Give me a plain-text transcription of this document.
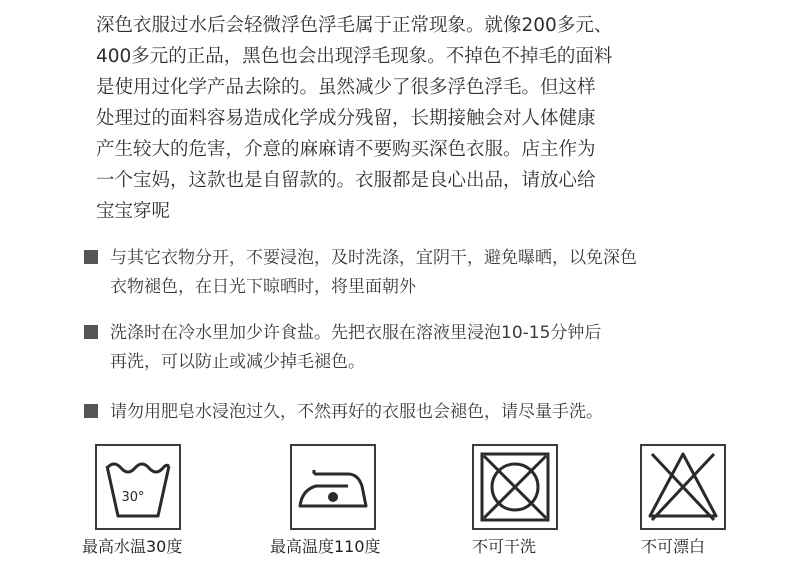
深色衣服过水后会轻微浮色浮毛属于正常现象。就像200多元、
400多元的正品，黑色也会出现浮毛现象。不掉色不掉毛的面料
是使用过化学产品去除的。虽然减少了很多浮色浮毛。但这样
处理过的面料容易造成化学成分残留，长期接触会对人体健康
产生较大的危害，介意的麻麻请不要购买深色衣服。店主作为
一个宝妈，这款也是自留款的。衣服都是良心出品，请放心给
宝宝穿呢
与其它衣物分开，不要浸泡，及时洗涤，宜阴干，避免曝晒，以免深色
衣物褪色，在日光下晾晒时，将里面朝外
洗涤时在冷水里加少许食盐。先把衣服在溶液里浸泡10-15分钟后
再洗，可以防止或减少掉毛褪色。
请勿用肥皂水浸泡过久，不然再好的衣服也会褪色，请尽量手洗。
30°
最高水温30度	最高温度110度	不可干洗	不可漂白
